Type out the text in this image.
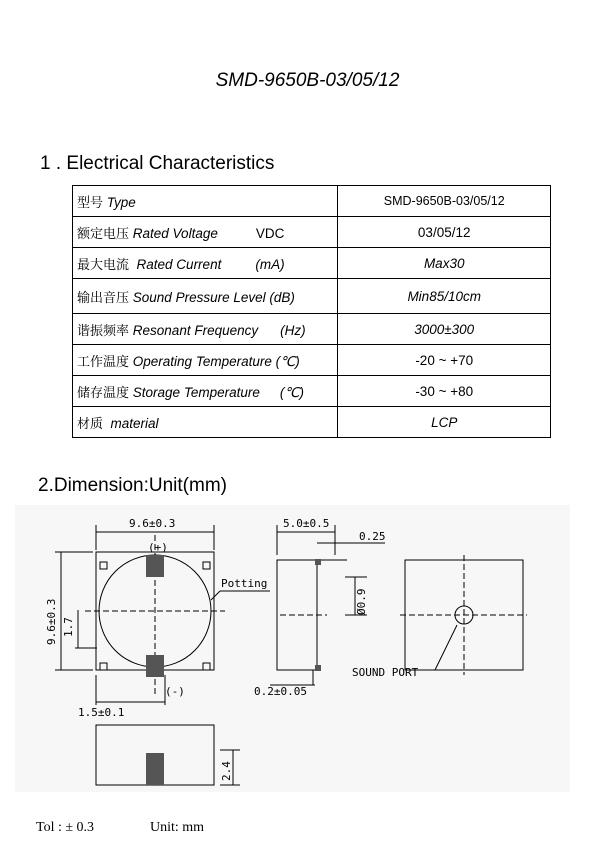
SMD-9650B-03/05/12
1 . Electrical Characteristics
型号 Type	SMD-9650B-03/05/12
额定电压 Rated Voltage VDC	03/05/12
最大电流 Rated Current (mA)	Max30
输出音压 Sound Pressure Level (dB)	Min85/10cm
谐振频率 Resonant Frequency (Hz)	3000±300
工作温度 Operating Temperature (℃)	-20 ~ +70
储存温度 Storage Temperature (℃)	-30 ~ +80
材质 material	LCP
2.Dimension:Unit(mm)
9.6±0.3
(+)
(-)
Potting
1.5±0.1
5.0±0.5
0.25
0.2±0.05
SOUND PORT
9.6±0.3 1.7
Ø0.9
2.4
Tol : ± 0.3	Unit: mm
